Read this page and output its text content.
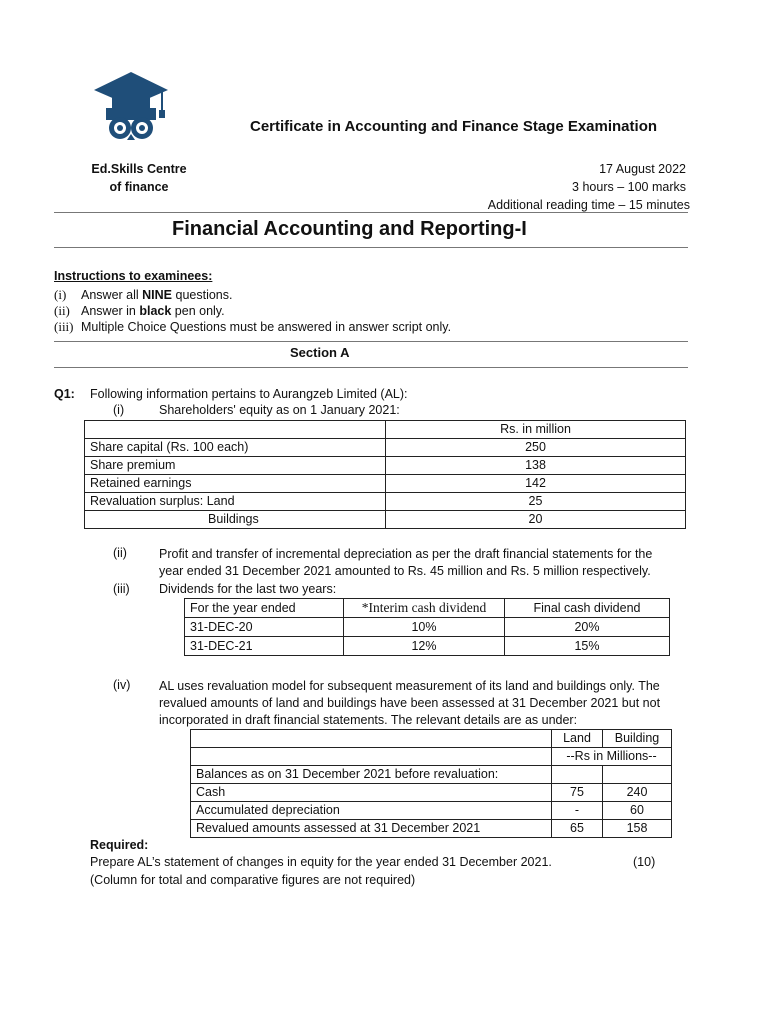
Certificate in Accounting and Finance Stage Examination
Ed.Skills Centre
of finance
17 August 2022
3 hours – 100 marks
Additional reading time – 15 minutes
Financial Accounting and Reporting-I
Instructions to examinees:
(i) Answer all NINE questions.
(ii) Answer in black pen only.
(iii) Multiple Choice Questions must be answered in answer script only.
Section A
Q1: Following information pertains to Aurangzeb Limited (AL):
(i)	Shareholders' equity as on 1 January 2021:
	Rs. in million
Share capital (Rs. 100 each)	250
Share premium	138
Retained earnings	142
Revaluation surplus: Land	25
Buildings	20
(ii)	Profit and transfer of incremental depreciation as per the draft financial statements for the year ended 31 December 2021 amounted to Rs. 45 million and Rs. 5 million respectively.
(iii) Dividends for the last two years:
For the year ended	*Interim cash dividend	Final cash dividend
31-DEC-20	10%	20%
31-DEC-21	12%	15%
(iv) AL uses revaluation model for subsequent measurement of its land and buildings only. The revalued amounts of land and buildings have been assessed at 31 December 2021 but not incorporated in draft financial statements. The relevant details are as under:
	Land	Building
	--Rs in Millions--	
Balances as on 31 December 2021 before revaluation:		
Cash	75	240
Accumulated depreciation	-	60
Revalued amounts assessed at 31 December 2021	65	158
Required:
Prepare AL’s statement of changes in equity for the year ended 31 December 2021.	(10)
(Column for total and comparative figures are not required)
